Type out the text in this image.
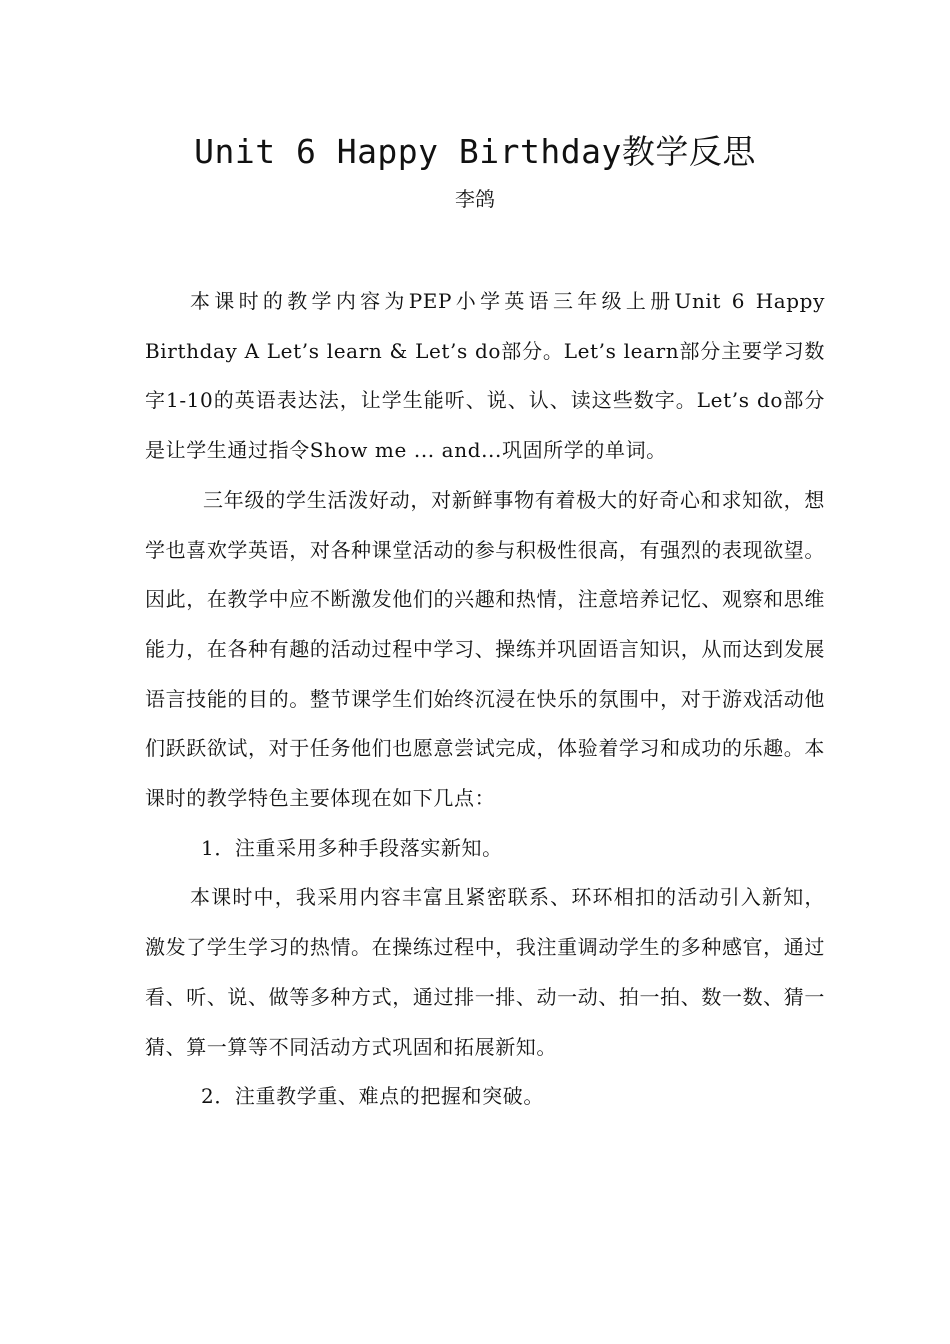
Unit 6 Happy Birthday教学反思
李鸽

本课时的教学内容为PEP小学英语三年级上册Unit 6 Happy Birthday A Let’s learn & Let’s do部分。Let’s learn部分主要学习数字1-10的英语表达法，让学生能听、说、认、读这些数字。Let’s do部分是让学生通过指令Show me ... and...巩固所学的单词。

三年级的学生活泼好动，对新鲜事物有着极大的好奇心和求知欲，想学也喜欢学英语，对各种课堂活动的参与积极性很高，有强烈的表现欲望。因此，在教学中应不断激发他们的兴趣和热情，注意培养记忆、观察和思维能力，在各种有趣的活动过程中学习、操练并巩固语言知识，从而达到发展语言技能的目的。整节课学生们始终沉浸在快乐的氛围中，对于游戏活动他们跃跃欲试，对于任务他们也愿意尝试完成，体验着学习和成功的乐趣。本课时的教学特色主要体现在如下几点：

1．注重采用多种手段落实新知。

本课时中，我采用内容丰富且紧密联系、环环相扣的活动引入新知，激发了学生学习的热情。在操练过程中，我注重调动学生的多种感官，通过看、听、说、做等多种方式，通过排一排、动一动、拍一拍、数一数、猜一猜、算一算等不同活动方式巩固和拓展新知。

2．注重教学重、难点的把握和突破。
